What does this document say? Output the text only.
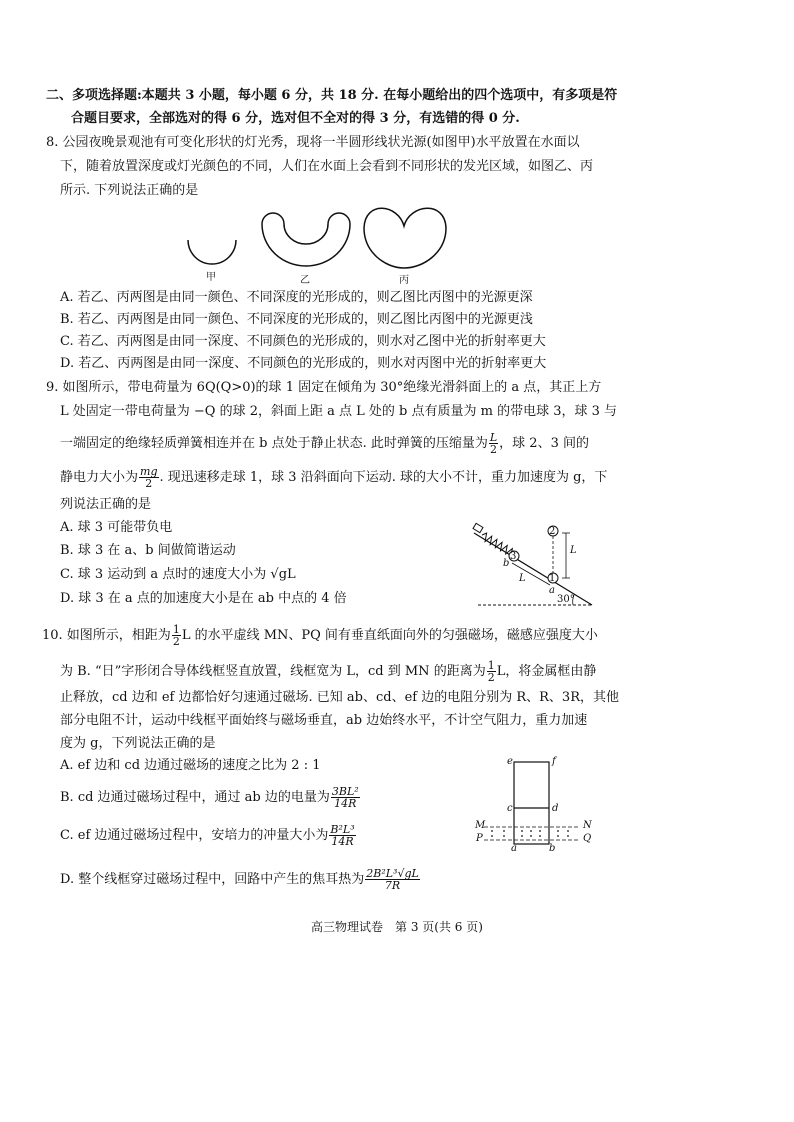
二、多项选择题:本题共 3 小题，每小题 6 分，共 18 分. 在每小题给出的四个选项中，有多项是符
合题目要求，全部选对的得 6 分，选对但不全对的得 3 分，有选错的得 0 分.
8. 公园夜晚景观池有可变化形状的灯光秀，现将一半圆形线状光源(如图甲)水平放置在水面以
下，随着放置深度或灯光颜色的不同，人们在水面上会看到不同形状的发光区域，如图乙、丙
所示. 下列说法正确的是
甲	乙	丙
A. 若乙、丙两图是由同一颜色、不同深度的光形成的，则乙图比丙图中的光源更深
B. 若乙、丙两图是由同一颜色、不同深度的光形成的，则乙图比丙图中的光源更浅
C. 若乙、丙两图是由同一深度、不同颜色的光形成的，则水对乙图中光的折射率更大
D. 若乙、丙两图是由同一深度、不同颜色的光形成的，则水对丙图中光的折射率更大
9. 如图所示，带电荷量为 6Q(Q>0)的球 1 固定在倾角为 30°绝缘光滑斜面上的 a 点，其正上方
L 处固定一带电荷量为 −Q 的球 2，斜面上距 a 点 L 处的 b 点有质量为 m 的带电球 3，球 3 与
一端固定的绝缘轻质弹簧相连并在 b 点处于静止状态. 此时弹簧的压缩量为 $\frac{L}{2}$ ，球 2、3 间的
静电力大小为 $\frac{mg}{2}$ . 现迅速移走球 1，球 3 沿斜面向下运动. 球的大小不计，重力加速度为 g，下
列说法正确的是
A. 球 3 可能带负电
B. 球 3 在 a、b 间做简谐运动
C. 球 3 运动到 a 点时的速度大小为 √gL
D. 球 3 在 a 点的加速度大小是在 ab 中点的 4 倍
2
3
1
L
L
b
a
30°
10. 如图所示，相距为 $\frac{1}{2}$ L 的水平虚线 MN、PQ 间有垂直纸面向外的匀强磁场，磁感应强度大小
为 B. “日”字形闭合导体线框竖直放置，线框宽为 L，cd 到 MN 的距离为 $\frac{1}{2}$ L，将金属框由静
止释放，cd 边和 ef 边都恰好匀速通过磁场. 已知 ab、cd、ef 边的电阻分别为 R、R、3R，其他
部分电阻不计，运动中线框平面始终与磁场垂直，ab 边始终水平，不计空气阻力，重力加速
度为 g，下列说法正确的是
A. ef 边和 cd 边通过磁场的速度之比为 2 : 1
B. cd 边通过磁场过程中，通过 ab 边的电量为 $\frac{\text{3BL²}}{14R}$
C. ef 边通过磁场过程中，安培力的冲量大小为 $\frac{\text{B²L³}}{14R}$
D. 整个线框穿过磁场过程中，回路中产生的焦耳热为 $\frac{\text{2B²L³√gL}}{7R}$
e	f
c	d
M	N
P	Q
a	b
高三物理试卷　第 3 页(共 6 页)
